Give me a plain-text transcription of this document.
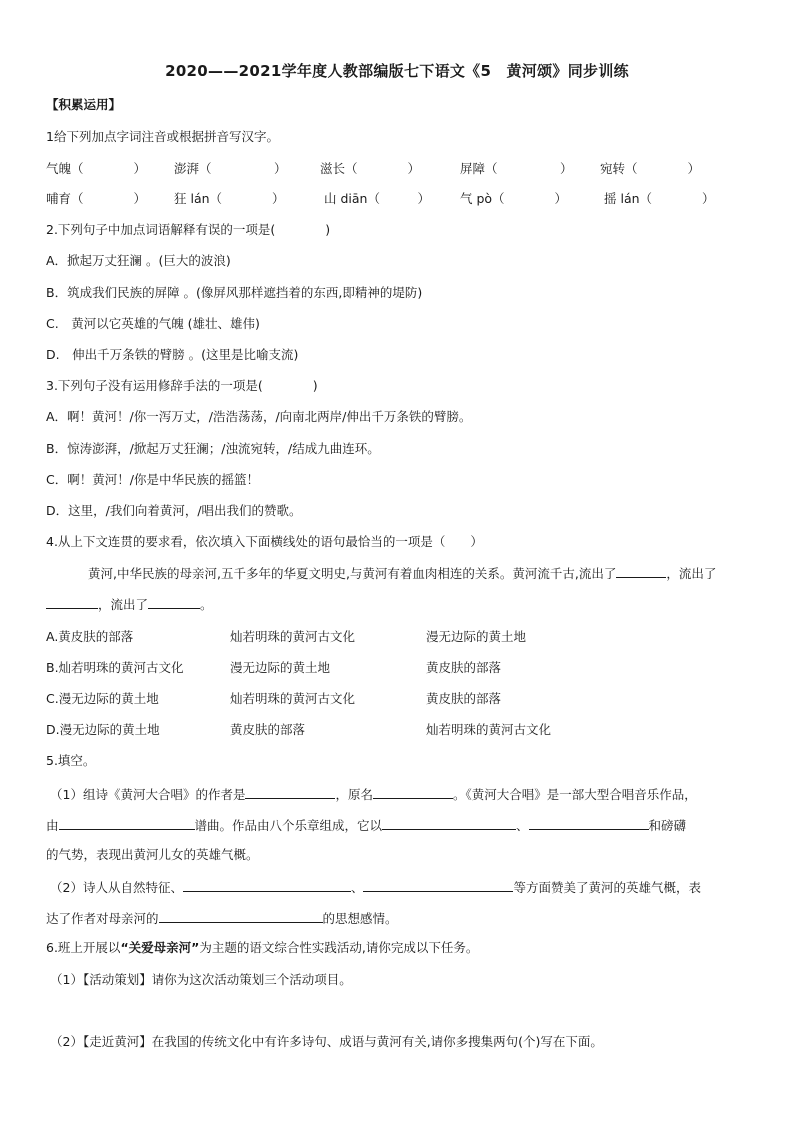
2020——2021学年度人教部编版七下语文《5　黄河颂》同步训练
【积累运用】
1给下列加点字词注音或根据拼音写汉字。
气魄（　　　　） 澎湃（　　　　　）	滋长（　　　　）	屏障（　　　　　） 宛转（　　　　）
哺育（　　　　） 狂 lán（　　　　）	山 diān（　　　） 气 pò（　　　　）	摇 lán（　　　　）
2.下列句子中加点词语解释有误的一项是(　　　　)
A．掀起万丈狂澜 。(巨大的波浪)
B．筑成我们民族的屏障 。(像屏风那样遮挡着的东西,即精神的堤防)
C.　黄河以它英雄的气魄 (雄壮、雄伟)
D.　伸出千万条铁的臂膀 。(这里是比喻支流)
3.下列句子没有运用修辞手法的一项是(　　　　)
A．啊！黄河！/你一泻万丈，/浩浩荡荡，/向南北两岸/伸出千万条铁的臂膀。
B．惊涛澎湃，/掀起万丈狂澜；/浊流宛转，/结成九曲连环。
C．啊！黄河！/你是中华民族的摇篮！
D．这里，/我们向着黄河，/唱出我们的赞歌。
4.从上下文连贯的要求看，依次填入下面横线处的语句最恰当的一项是（　　）
黄河,中华民族的母亲河,五千多年的华夏文明史,与黄河有着血肉相连的关系。黄河流千古,流出了	，流出了，流出了	。
A.黄皮肤的部落	灿若明珠的黄河古文化	漫无边际的黄土地
B.灿若明珠的黄河古文化	漫无边际的黄土地	黄皮肤的部落
C.漫无边际的黄土地	灿若明珠的黄河古文化	黄皮肤的部落
D.漫无边际的黄土地	黄皮肤的部落	灿若明珠的黄河古文化
5.填空。
（1）组诗《黄河大合唱》的作者是	，原名	。《黄河大合唱》是一部大型合唱音乐作品，
由	谱曲。作品由八个乐章组成，它以	、	和磅礴
的气势，表现出黄河儿女的英雄气概。
（2）诗人从自然特征、	、	等方面赞美了黄河的英雄气概，表
达了作者对母亲河的	的思想感情。
6.班上开展以“关爱母亲河”为主题的语文综合性实践活动,请你完成以下任务。
（1）【活动策划】请你为这次活动策划三个活动项目。
（2）【走近黄河】在我国的传统文化中有许多诗句、成语与黄河有关,请你多搜集两句(个)写在下面。
